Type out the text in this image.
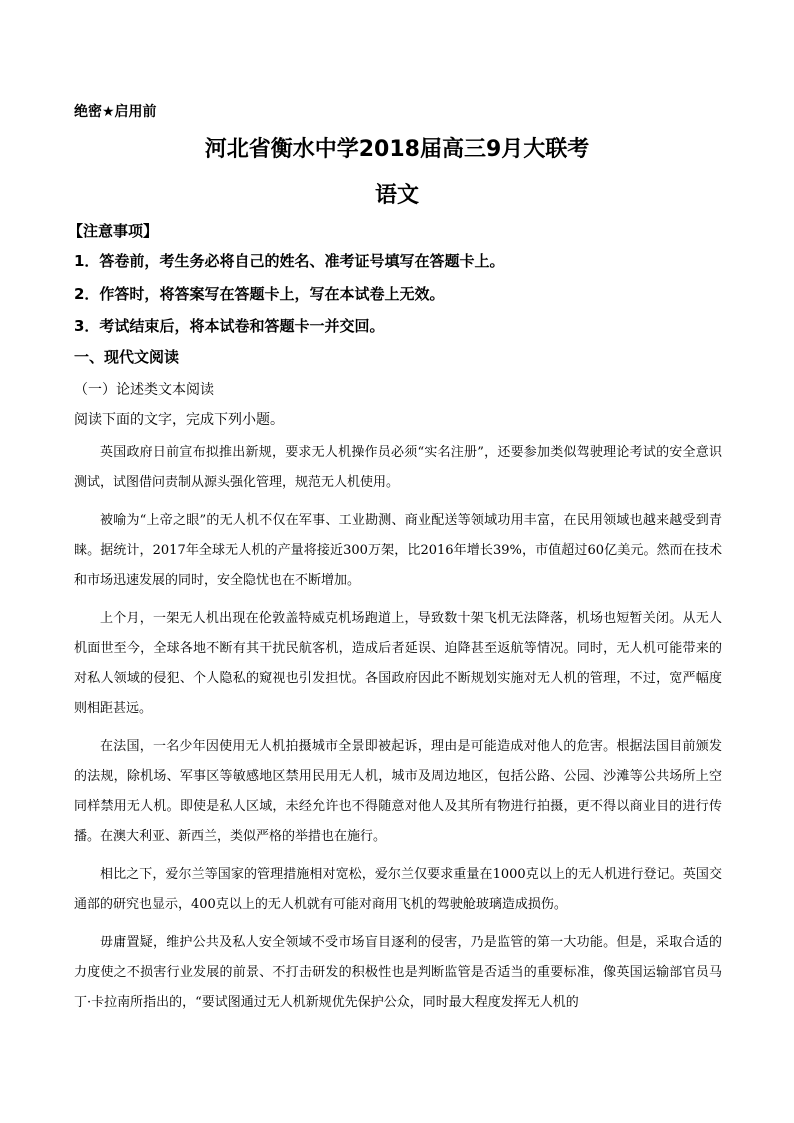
绝密★启用前
河北省衡水中学2018届高三9月大联考
语文
【注意事项】
1．答卷前，考生务必将自己的姓名、准考证号填写在答题卡上。
2．作答时，将答案写在答题卡上，写在本试卷上无效。
3．考试结束后，将本试卷和答题卡一并交回。
一、现代文阅读
（一）论述类文本阅读
阅读下面的文字，完成下列小题。

英国政府日前宣布拟推出新规，要求无人机操作员必须“实名注册”，还要参加类似驾驶理论考试的安全意识测试，试图借问责制从源头强化管理，规范无人机使用。

被喻为“上帝之眼”的无人机不仅在军事、工业勘测、商业配送等领域功用丰富，在民用领域也越来越受到青睐。据统计，2017年全球无人机的产量将接近300万架，比2016年增长39%，市值超过60亿美元。然而在技术和市场迅速发展的同时，安全隐忧也在不断增加。

上个月，一架无人机出现在伦敦盖特威克机场跑道上，导致数十架飞机无法降落，机场也短暂关闭。从无人机面世至今，全球各地不断有其干扰民航客机，造成后者延误、迫降甚至返航等情况。同时，无人机可能带来的对私人领域的侵犯、个人隐私的窥视也引发担忧。各国政府因此不断规划实施对无人机的管理，不过，宽严幅度则相距甚远。

在法国，一名少年因使用无人机拍摄城市全景即被起诉，理由是可能造成对他人的危害。根据法国目前颁发的法规，除机场、军事区等敏感地区禁用民用无人机，城市及周边地区，包括公路、公园、沙滩等公共场所上空同样禁用无人机。即使是私人区域，未经允许也不得随意对他人及其所有物进行拍摄，更不得以商业目的进行传播。在澳大利亚、新西兰，类似严格的举措也在施行。

相比之下，爱尔兰等国家的管理措施相对宽松，爱尔兰仅要求重量在1000克以上的无人机进行登记。英国交通部的研究也显示，400克以上的无人机就有可能对商用飞机的驾驶舱玻璃造成损伤。

毋庸置疑，维护公共及私人安全领域不受市场盲目逐利的侵害，乃是监管的第一大功能。但是，采取合适的力度使之不损害行业发展的前景、不打击研发的积极性也是判断监管是否适当的重要标准，像英国运输部官员马丁·卡拉南所指出的，“要试图通过无人机新规优先保护公众，同时最大程度发挥无人机的
